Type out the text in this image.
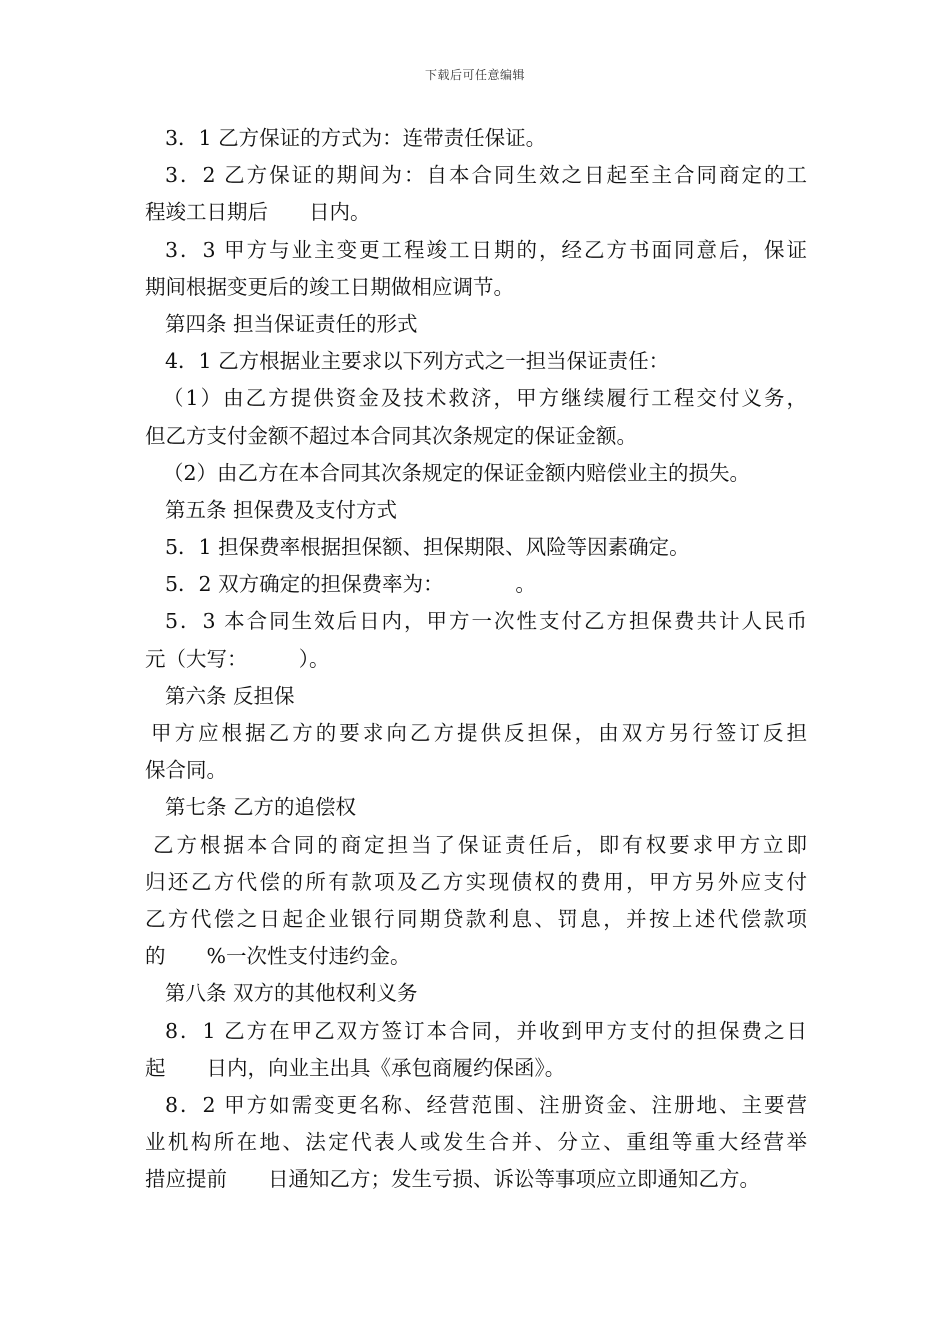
下载后可任意编辑
3．1 乙方保证的方式为：连带责任保证。
3．2 乙方保证的期间为：自本合同生效之日起至主合同商定的工
程竣工日期后　　日内。
3．3 甲方与业主变更工程竣工日期的，经乙方书面同意后，保证
期间根据变更后的竣工日期做相应调节。
第四条 担当保证责任的形式
4．1 乙方根据业主要求以下列方式之一担当保证责任：
（1）由乙方提供资金及技术救济，甲方继续履行工程交付义务，
但乙方支付金额不超过本合同其次条规定的保证金额。
（2）由乙方在本合同其次条规定的保证金额内赔偿业主的损失。
第五条 担保费及支付方式
5．1 担保费率根据担保额、担保期限、风险等因素确定。
5．2 双方确定的担保费率为：　　　　。
5．3 本合同生效后日内，甲方一次性支付乙方担保费共计人民币
元（大写：　　　）。
第六条 反担保
甲方应根据乙方的要求向乙方提供反担保，由双方另行签订反担
保合同。
第七条 乙方的追偿权
乙方根据本合同的商定担当了保证责任后，即有权要求甲方立即
归还乙方代偿的所有款项及乙方实现债权的费用，甲方另外应支付
乙方代偿之日起企业银行同期贷款利息、罚息，并按上述代偿款项
的　　%一次性支付违约金。
第八条 双方的其他权利义务
8．1 乙方在甲乙双方签订本合同，并收到甲方支付的担保费之日
起　　日内，向业主出具《承包商履约保函》。
8．2 甲方如需变更名称、经营范围、注册资金、注册地、主要营
业机构所在地、法定代表人或发生合并、分立、重组等重大经营举
措应提前　　日通知乙方；发生亏损、诉讼等事项应立即通知乙方。
